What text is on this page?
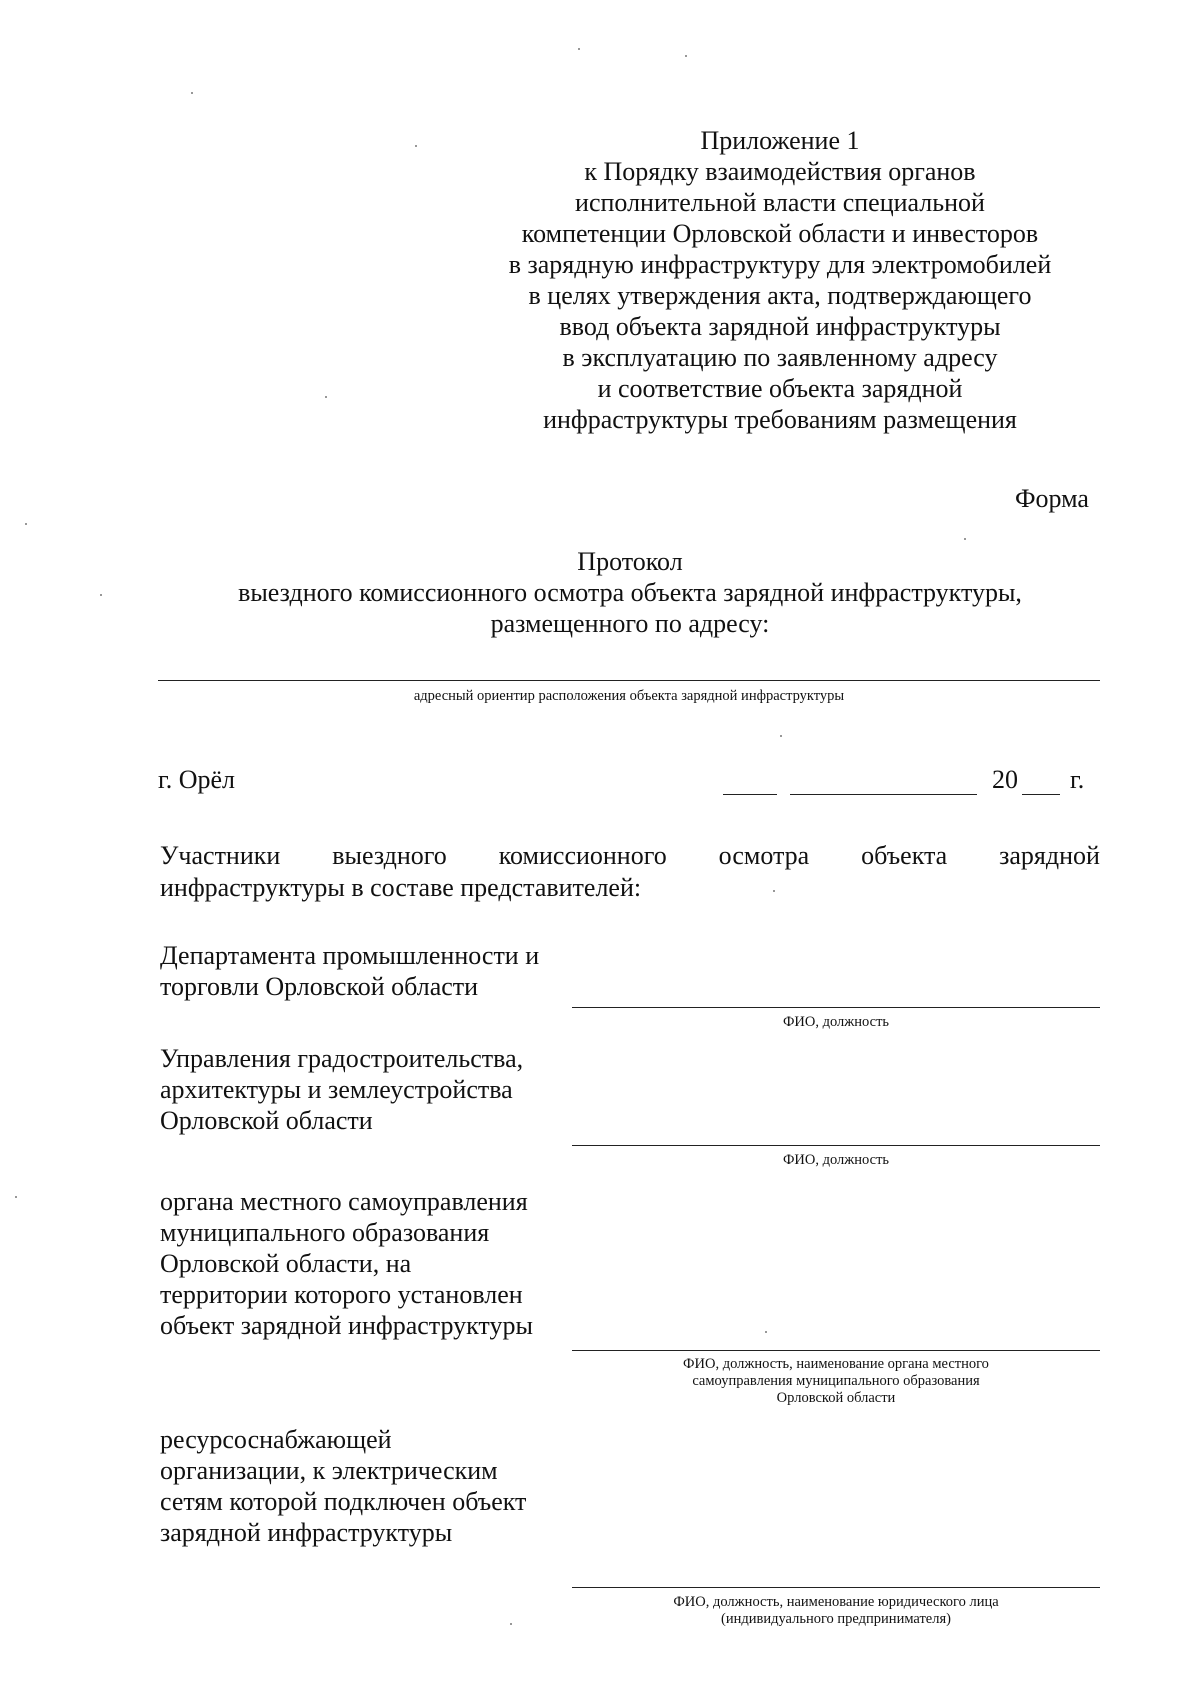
Приложение 1
к Порядку взаимодействия органов
исполнительной власти специальной
компетенции Орловской области и инвесторов
в зарядную инфраструктуру для электромобилей
в целях утверждения акта, подтверждающего
ввод объекта зарядной инфраструктуры
в эксплуатацию по заявленному адресу
и соответствие объекта зарядной
инфраструктуры требованиям размещения
Форма
Протокол
выездного комиссионного осмотра объекта зарядной инфраструктуры,
размещенного по адресу:
адресный ориентир расположения объекта зарядной инфраструктуры
г. Орёл	20 г.
Участники выездного комиссионного осмотра объекта зарядной
инфраструктуры в составе представителей:
Департамента промышленности и
торговли Орловской области
ФИО, должность
Управления градостроительства,
архитектуры и землеустройства
Орловской области
ФИО, должность
органа местного самоуправления
муниципального образования
Орловской области, на
территории которого установлен
объект зарядной инфраструктуры
ФИО, должность, наименование органа местного
самоуправления муниципального образования
Орловской области
ресурсоснабжающей
организации, к электрическим
сетям которой подключен объект
зарядной инфраструктуры
ФИО, должность, наименование юридического лица
(индивидуального предпринимателя)
